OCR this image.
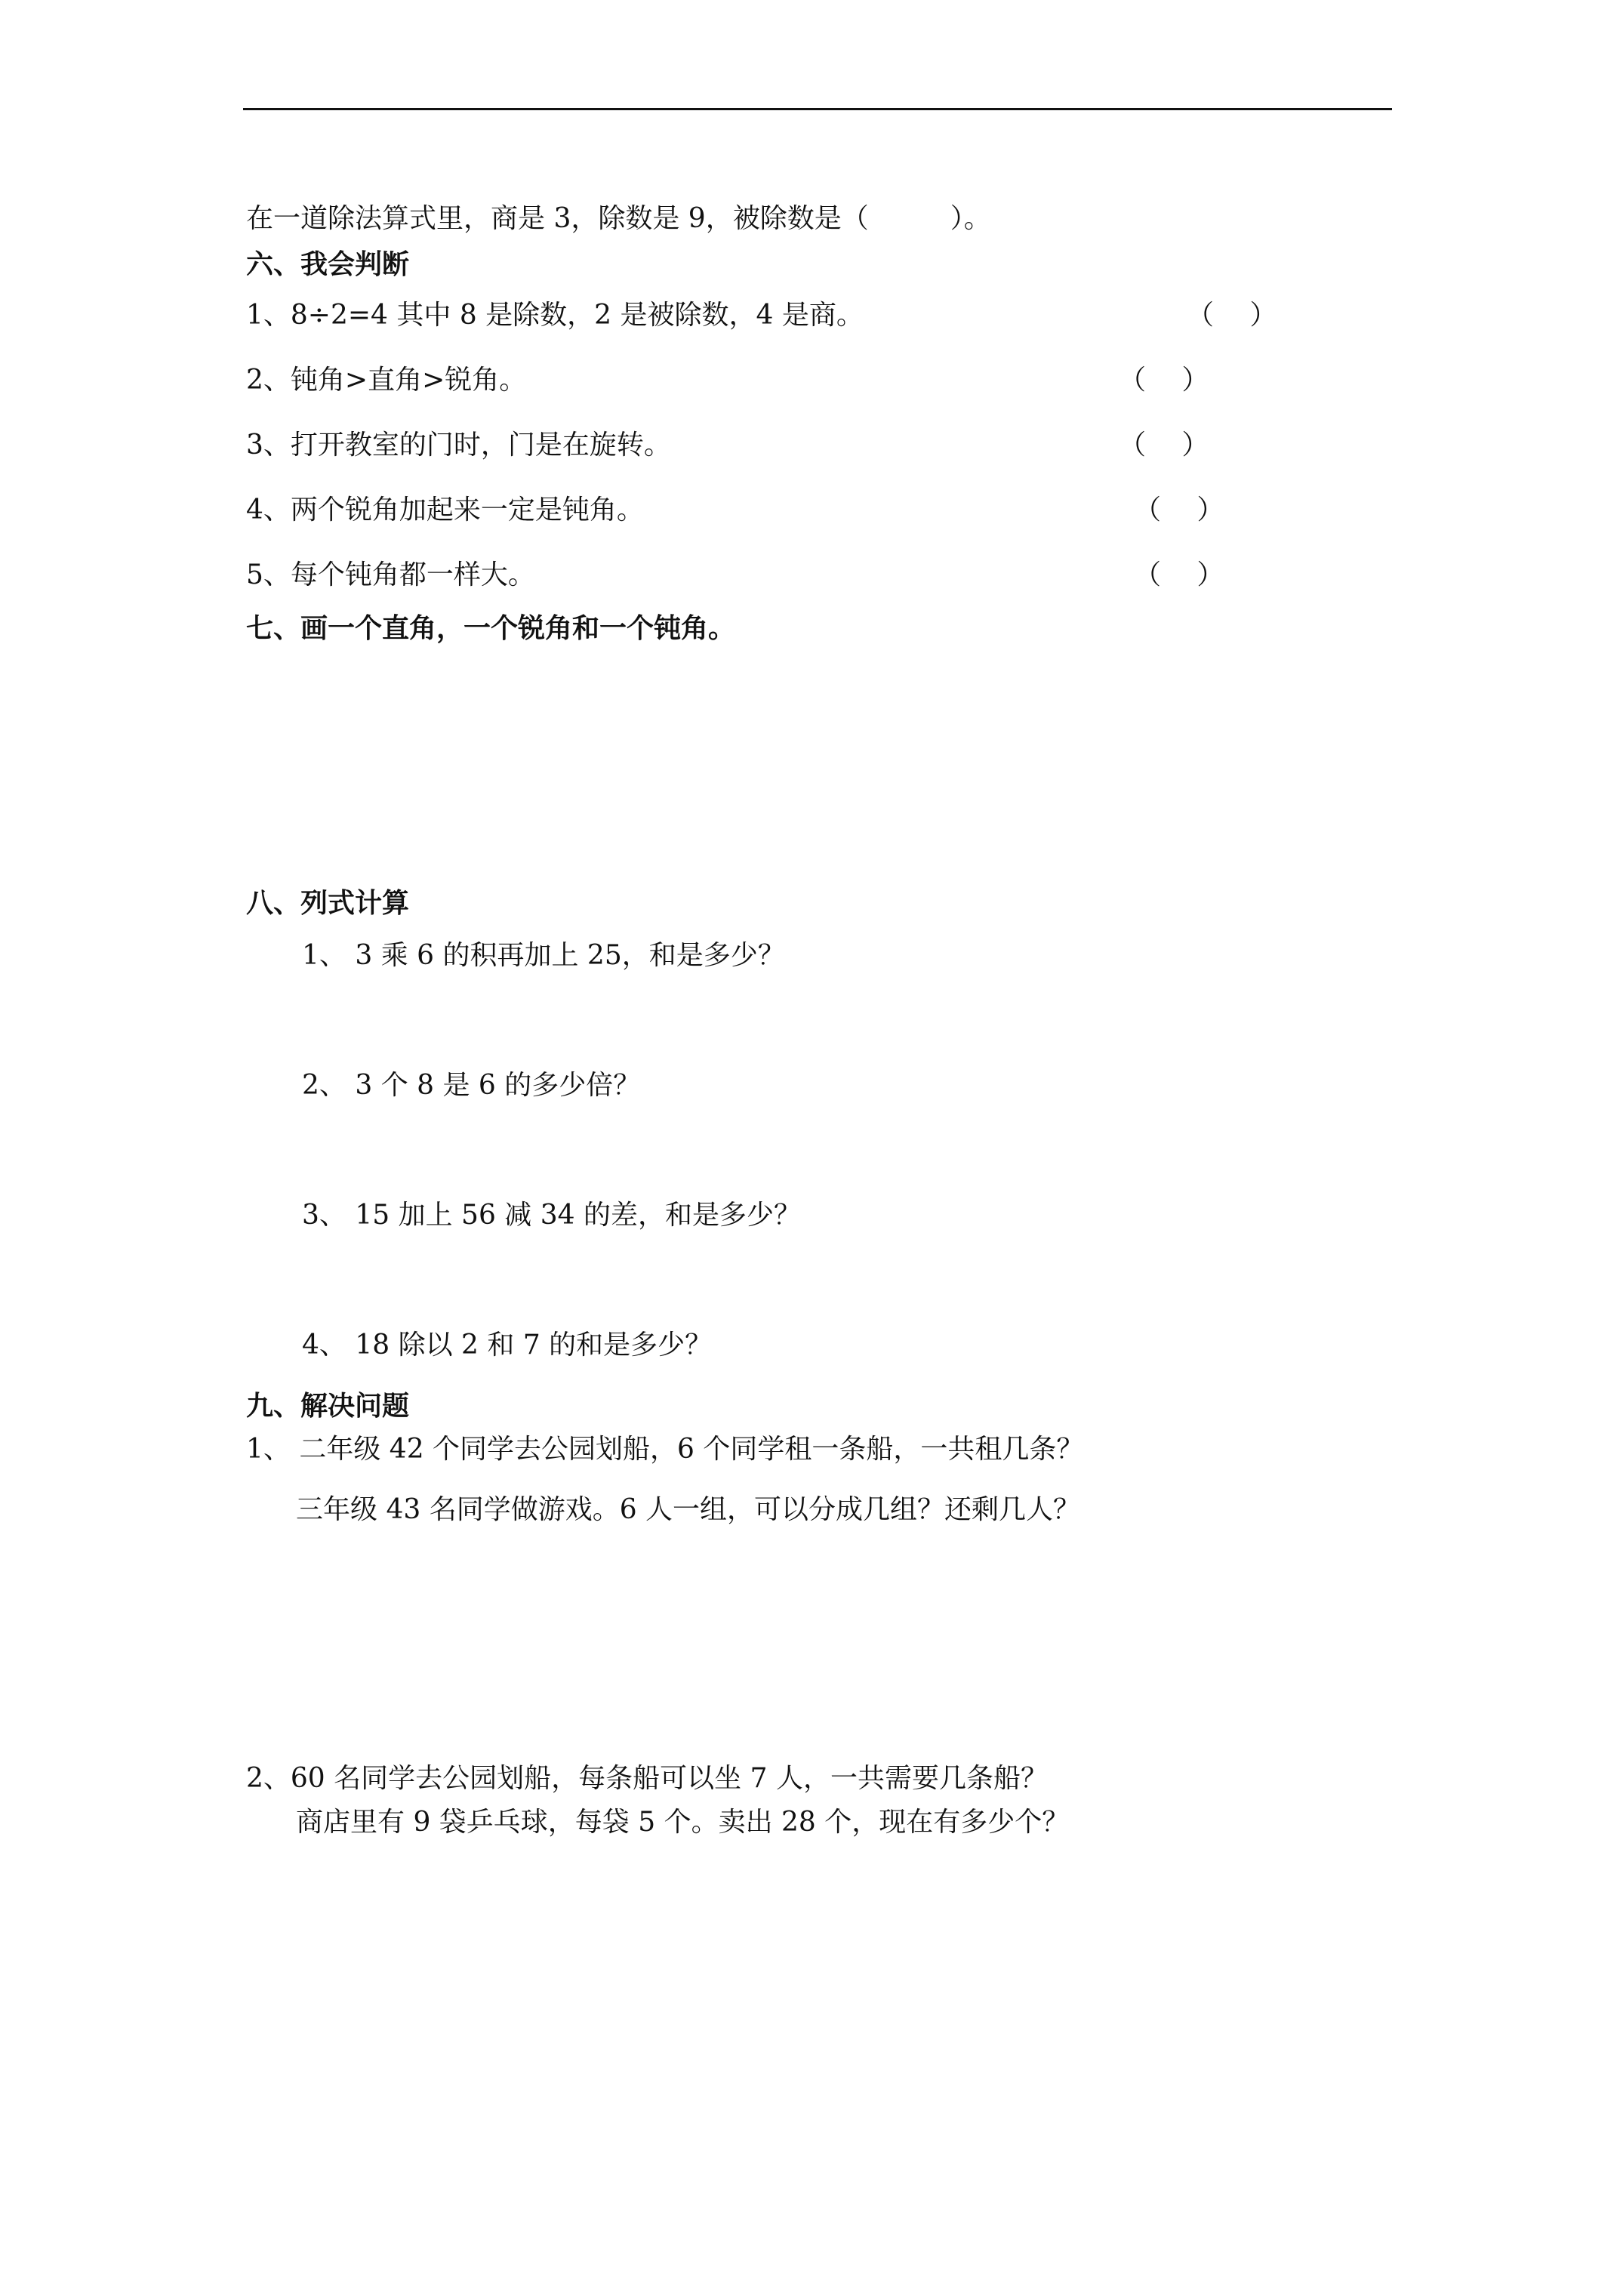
在一道除法算式里，商是 3，除数是 9，被除数是（　　　）。
六、我会判断
1、8÷2=4 其中 8 是除数，2 是被除数，4 是商。	（　 ）
2、钝角>直角>锐角。	（　 ）
3、打开教室的门时，门是在旋转。	（　 ）
4、两个锐角加起来一定是钝角。	（　 ）
5、每个钝角都一样大。	（　 ）
七、画一个直角，一个锐角和一个钝角。
八、列式计算
1、 3 乘 6 的积再加上 25，和是多少？
2、 3 个 8 是 6 的多少倍？
3、 15 加上 56 减 34 的差，和是多少？
4、 18 除以 2 和 7 的和是多少？
九、解决问题
1、 二年级 42 个同学去公园划船，6 个同学租一条船，一共租几条？
三年级 43 名同学做游戏。6 人一组，可以分成几组？还剩几人？
2、60 名同学去公园划船，每条船可以坐 7 人，一共需要几条船？
商店里有 9 袋乒乓球，每袋 5 个。卖出 28 个，现在有多少个？
